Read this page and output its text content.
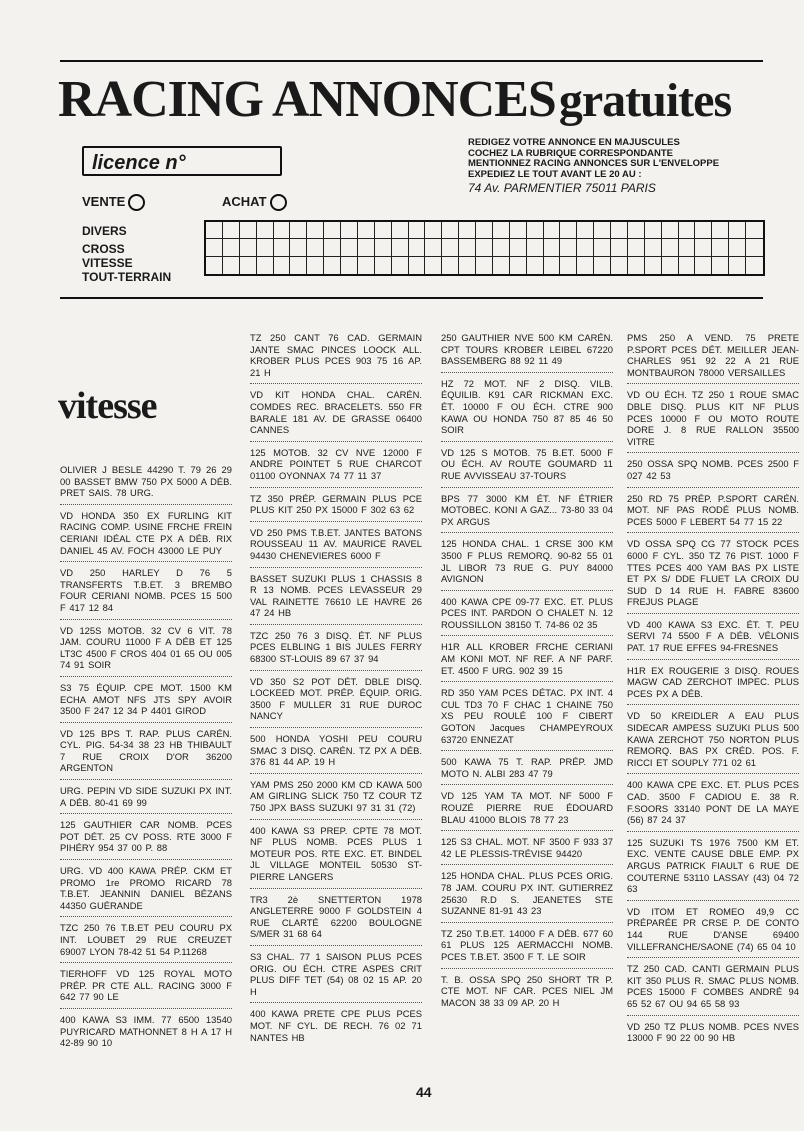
RACING ANNONCES gratuites
licence n°
REDIGEZ VOTRE ANNONCE EN MAJUSCULES
COCHEZ LA RUBRIQUE CORRESPONDANTE
MENTIONNEZ RACING ANNONCES SUR L'ENVELOPPE
EXPEDIEZ LE TOUT AVANT LE 20 AU :
74 Av. PARMENTIER 75011 PARIS
VENTE	ACHAT
DIVERS
CROSS
VITESSE
TOUT-TERRAIN
vitesse
OLIVIER J BESLE 44290 T. 79 26 29 00 BASSET BMW 750 PX 5000 A DÉB. PRET SAIS. 78 URG.
VD HONDA 350 EX FURLING KIT RACING COMP. USINE FRCHE FREIN CERIANI IDÉAL CTE PX A DÉB. RIX DANIEL 45 AV. FOCH 43000 LE PUY
VD 250 HARLEY D 76 5 TRANSFERTS T.B.ET. 3 BREMBO FOUR CERIANI NOMB. PCES 15 500 F 417 12 84
VD 125S MOTOB. 32 CV 6 VIT. 78 JAM. COURU 11000 F A DÉB ET 125 LT3C 4500 F CROS 404 01 65 OU 005 74 91 SOIR
S3 75 ÉQUIP. CPE MOT. 1500 KM ECHA AMOT NFS JTS SPY AVOIR 3500 F 247 12 34 P 4401 GIROD
VD 125 BPS T. RAP. PLUS CARÉN. CYL. PIG. 54-34 38 23 HB THIBAULT 7 RUE CROIX D'OR 36200 ARGENTON
URG. PEPIN VD SIDE SUZUKI PX INT. A DÉB. 80-41 69 99
125 GAUTHIER CAR NOMB. PCES POT DÉT. 25 CV POSS. RTE 3000 F PIHÉRY 954 37 00 P. 88
URG. VD 400 KAWA PRÉP. CKM ET PROMO 1re PROMO RICARD 78 T.B.ET. JEANNIN DANIEL BÉZANS 44350 GUÉRANDE
TZC 250 76 T.B.ET PEU COURU PX INT. LOUBET 29 RUE CREUZET 69007 LYON 78-42 51 54 P.11268
TIERHOFF VD 125 ROYAL MOTO PRÉP. PR CTE ALL. RACING 3000 F 642 77 90 LE
400 KAWA S3 IMM. 77 6500 13540 PUYRICARD MATHONNET 8 H A 17 H 42-89 90 10
TZ 250 CANT 76 CAD. GERMAIN JANTE SMAC PINCES LOOCK ALL. KROBER PLUS PCES 903 75 16 AP. 21 H
VD KIT HONDA CHAL. CARÉN. COMDES REC. BRACELETS. 550 FR BARALE 181 AV. DE GRASSE 06400 CANNES
125 MOTOB. 32 CV NVE 12000 F ANDRE POINTET 5 RUE CHARCOT 01100 OYONNAX 74 77 11 37
TZ 350 PRÉP. GERMAIN PLUS PCE PLUS KIT 250 PX 15000 F 302 63 62
VD 250 PMS T.B.ET. JANTES BATONS ROUSSEAU 11 AV. MAURICE RAVEL 94430 CHENEVIERES 6000 F
BASSET SUZUKI PLUS 1 CHASSIS 8 R 13 NOMB. PCES LEVASSEUR 29 VAL RAINETTE 76610 LE HAVRE 26 47 24 HB
TZC 250 76 3 DISQ. ÉT. NF PLUS PCES ELBLING 1 BIS JULES FERRY 68300 ST-LOUIS 89 67 37 94
VD 350 S2 POT DÉT. DBLE DISQ. LOCKEED MOT. PRÉP. ÉQUIP. ORIG. 3500 F MULLER 31 RUE DUROC NANCY
500 HONDA YOSHI PEU COURU SMAC 3 DISQ. CARÉN. TZ PX A DÉB. 376 81 44 AP. 19 H
YAM PMS 250 2000 KM CD KAWA 500 AM GIRLING SLICK 750 TZ COUR TZ 750 JPX BASS SUZUKI 97 31 31 (72)
400 KAWA S3 PREP. CPTE 78 MOT. NF PLUS NOMB. PCES PLUS 1 MOTEUR POS. RTE EXC. ET. BINDEL JL VILLAGE MONTEIL 50530 ST-PIERRE LANGERS
TR3 2è SNETTERTON 1978 ANGLETERRE 9000 F GOLDSTEIN 4 RUE CLARTÉ 62200 BOULOGNE S/MER 31 68 64
S3 CHAL. 77 1 SAISON PLUS PCES ORIG. OU ÉCH. CTRE ASPES CRIT PLUS DIFF TET (54) 08 02 15 AP. 20 H
400 KAWA PRETE CPE PLUS PCES MOT. NF CYL. DE RECH. 76 02 71 NANTES HB
250 GAUTHIER NVE 500 KM CARÉN. CPT TOURS KROBER LEIBEL 67220 BASSEMBERG 88 92 11 49
HZ 72 MOT. NF 2 DISQ. VILB. ÉQUILIB. K91 CAR RICKMAN EXC. ÉT. 10000 F OU ÉCH. CTRE 900 KAWA OU HONDA 750 87 85 46 50 SOIR
VD 125 S MOTOB. 75 B.ET. 5000 F OU ÉCH. AV ROUTE GOUMARD 11 RUE AVVISSEAU 37-TOURS
BPS 77 3000 KM ÉT. NF ÉTRIER MOTOBEC. KONI A GAZ... 73-80 33 04 PX ARGUS
125 HONDA CHAL. 1 CRSE 300 KM 3500 F PLUS REMORQ. 90-82 55 01 JL LIBOR 73 RUE G. PUY 84000 AVIGNON
400 KAWA CPE 09-77 EXC. ET. PLUS PCES INT. PARDON O CHALET N. 12 ROUSSILLON 38150 T. 74-86 02 35
H1R ALL KROBER FRCHE CERIANI AM KONI MOT. NF REF. A NF PARF. ET. 4500 F URG. 902 39 15
RD 350 YAM PCES DÉTAC. PX INT. 4 CUL TD3 70 F CHAC 1 CHAINE 750 XS PEU ROULÉ 100 F CIBERT GOTON Jacques CHAMPEYROUX 63720 ENNEZAT
500 KAWA 75 T. RAP. PRÉP. JMD MOTO N. ALBI 283 47 79
VD 125 YAM TA MOT. NF 5000 F ROUZÉ PIERRE RUE ÉDOUARD BLAU 41000 BLOIS 78 77 23
125 S3 CHAL. MOT. NF 3500 F 933 37 42 LE PLESSIS-TRÉVISE 94420
125 HONDA CHAL. PLUS PCES ORIG. 78 JAM. COURU PX INT. GUTIERREZ 25630 R.D S. JEANETES STE SUZANNE 81-91 43 23
TZ 250 T.B.ET. 14000 F A DÉB. 677 60 61 PLUS 125 AERMACCHI NOMB. PCES T.B.ET. 3500 F T. LE SOIR
T. B. OSSA SPQ 250 SHORT TR P. CTE MOT. NF CAR. PCES NIEL JM MACON 38 33 09 AP. 20 H
PMS 250 A VEND. 75 PRETE P.SPORT PCES DÉT. MEILLER JEAN-CHARLES 951 92 22 A 21 RUE MONTBAURON 78000 VERSAILLES
VD OU ÉCH. TZ 250 1 ROUE SMAC DBLE DISQ. PLUS KIT NF PLUS PCES 10000 F OU MOTO ROUTE DORE J. 8 RUE RALLON 35500 VITRE
250 OSSA SPQ NOMB. PCES 2500 F 027 42 53
250 RD 75 PRÉP. P.SPORT CARÉN. MOT. NF PAS RODÉ PLUS NOMB. PCES 5000 F LEBERT 54 77 15 22
VD OSSA SPQ CG 77 STOCK PCES 6000 F CYL. 350 TZ 76 PIST. 1000 F TTES PCES 400 YAM BAS PX LISTE ET PX S/ DDE FLUET LA CROIX DU SUD D 14 RUE H. FABRE 83600 FREJUS PLAGE
VD 400 KAWA S3 EXC. ÉT. T. PEU SERVI 74 5500 F A DÉB. VÉLONIS PAT. 17 RUE EFFES 94-FRESNES
H1R EX ROUGERIE 3 DISQ. ROUES MAGW CAD ZERCHOT IMPEC. PLUS PCES PX A DÉB.
VD 50 KREIDLER A EAU PLUS SIDECAR AMPESS SUZUKI PLUS 500 KAWA ZERCHOT 750 NORTON PLUS REMORQ. BAS PX CRÉD. POS. F. RICCI ET SOUPLY 771 02 61
400 KAWA CPE EXC. ET. PLUS PCES CAD. 3500 F CADIOU E. 38 R. F.SOORS 33140 PONT DE LA MAYE (56) 87 24 37
125 SUZUKI TS 1976 7500 KM ET. EXC. VENTE CAUSE DBLE EMP. PX ARGUS PATRICK FIAULT 6 RUE DE COUTERNE 53110 LASSAY (43) 04 72 63
VD ITOM ET ROMEO 49,9 CC PRÉPARÉE PR CRSE P. DE CONTO 144 RUE D'ANSE 69400 VILLEFRANCHE/SAONE (74) 65 04 10
TZ 250 CAD. CANTI GERMAIN PLUS KIT 350 PLUS R. SMAC PLUS NOMB. PCES 15000 F COMBES ANDRÉ 94 65 52 67 OU 94 65 58 93
VD 250 TZ PLUS NOMB. PCES NVES 13000 F 90 22 00 90 HB
44
